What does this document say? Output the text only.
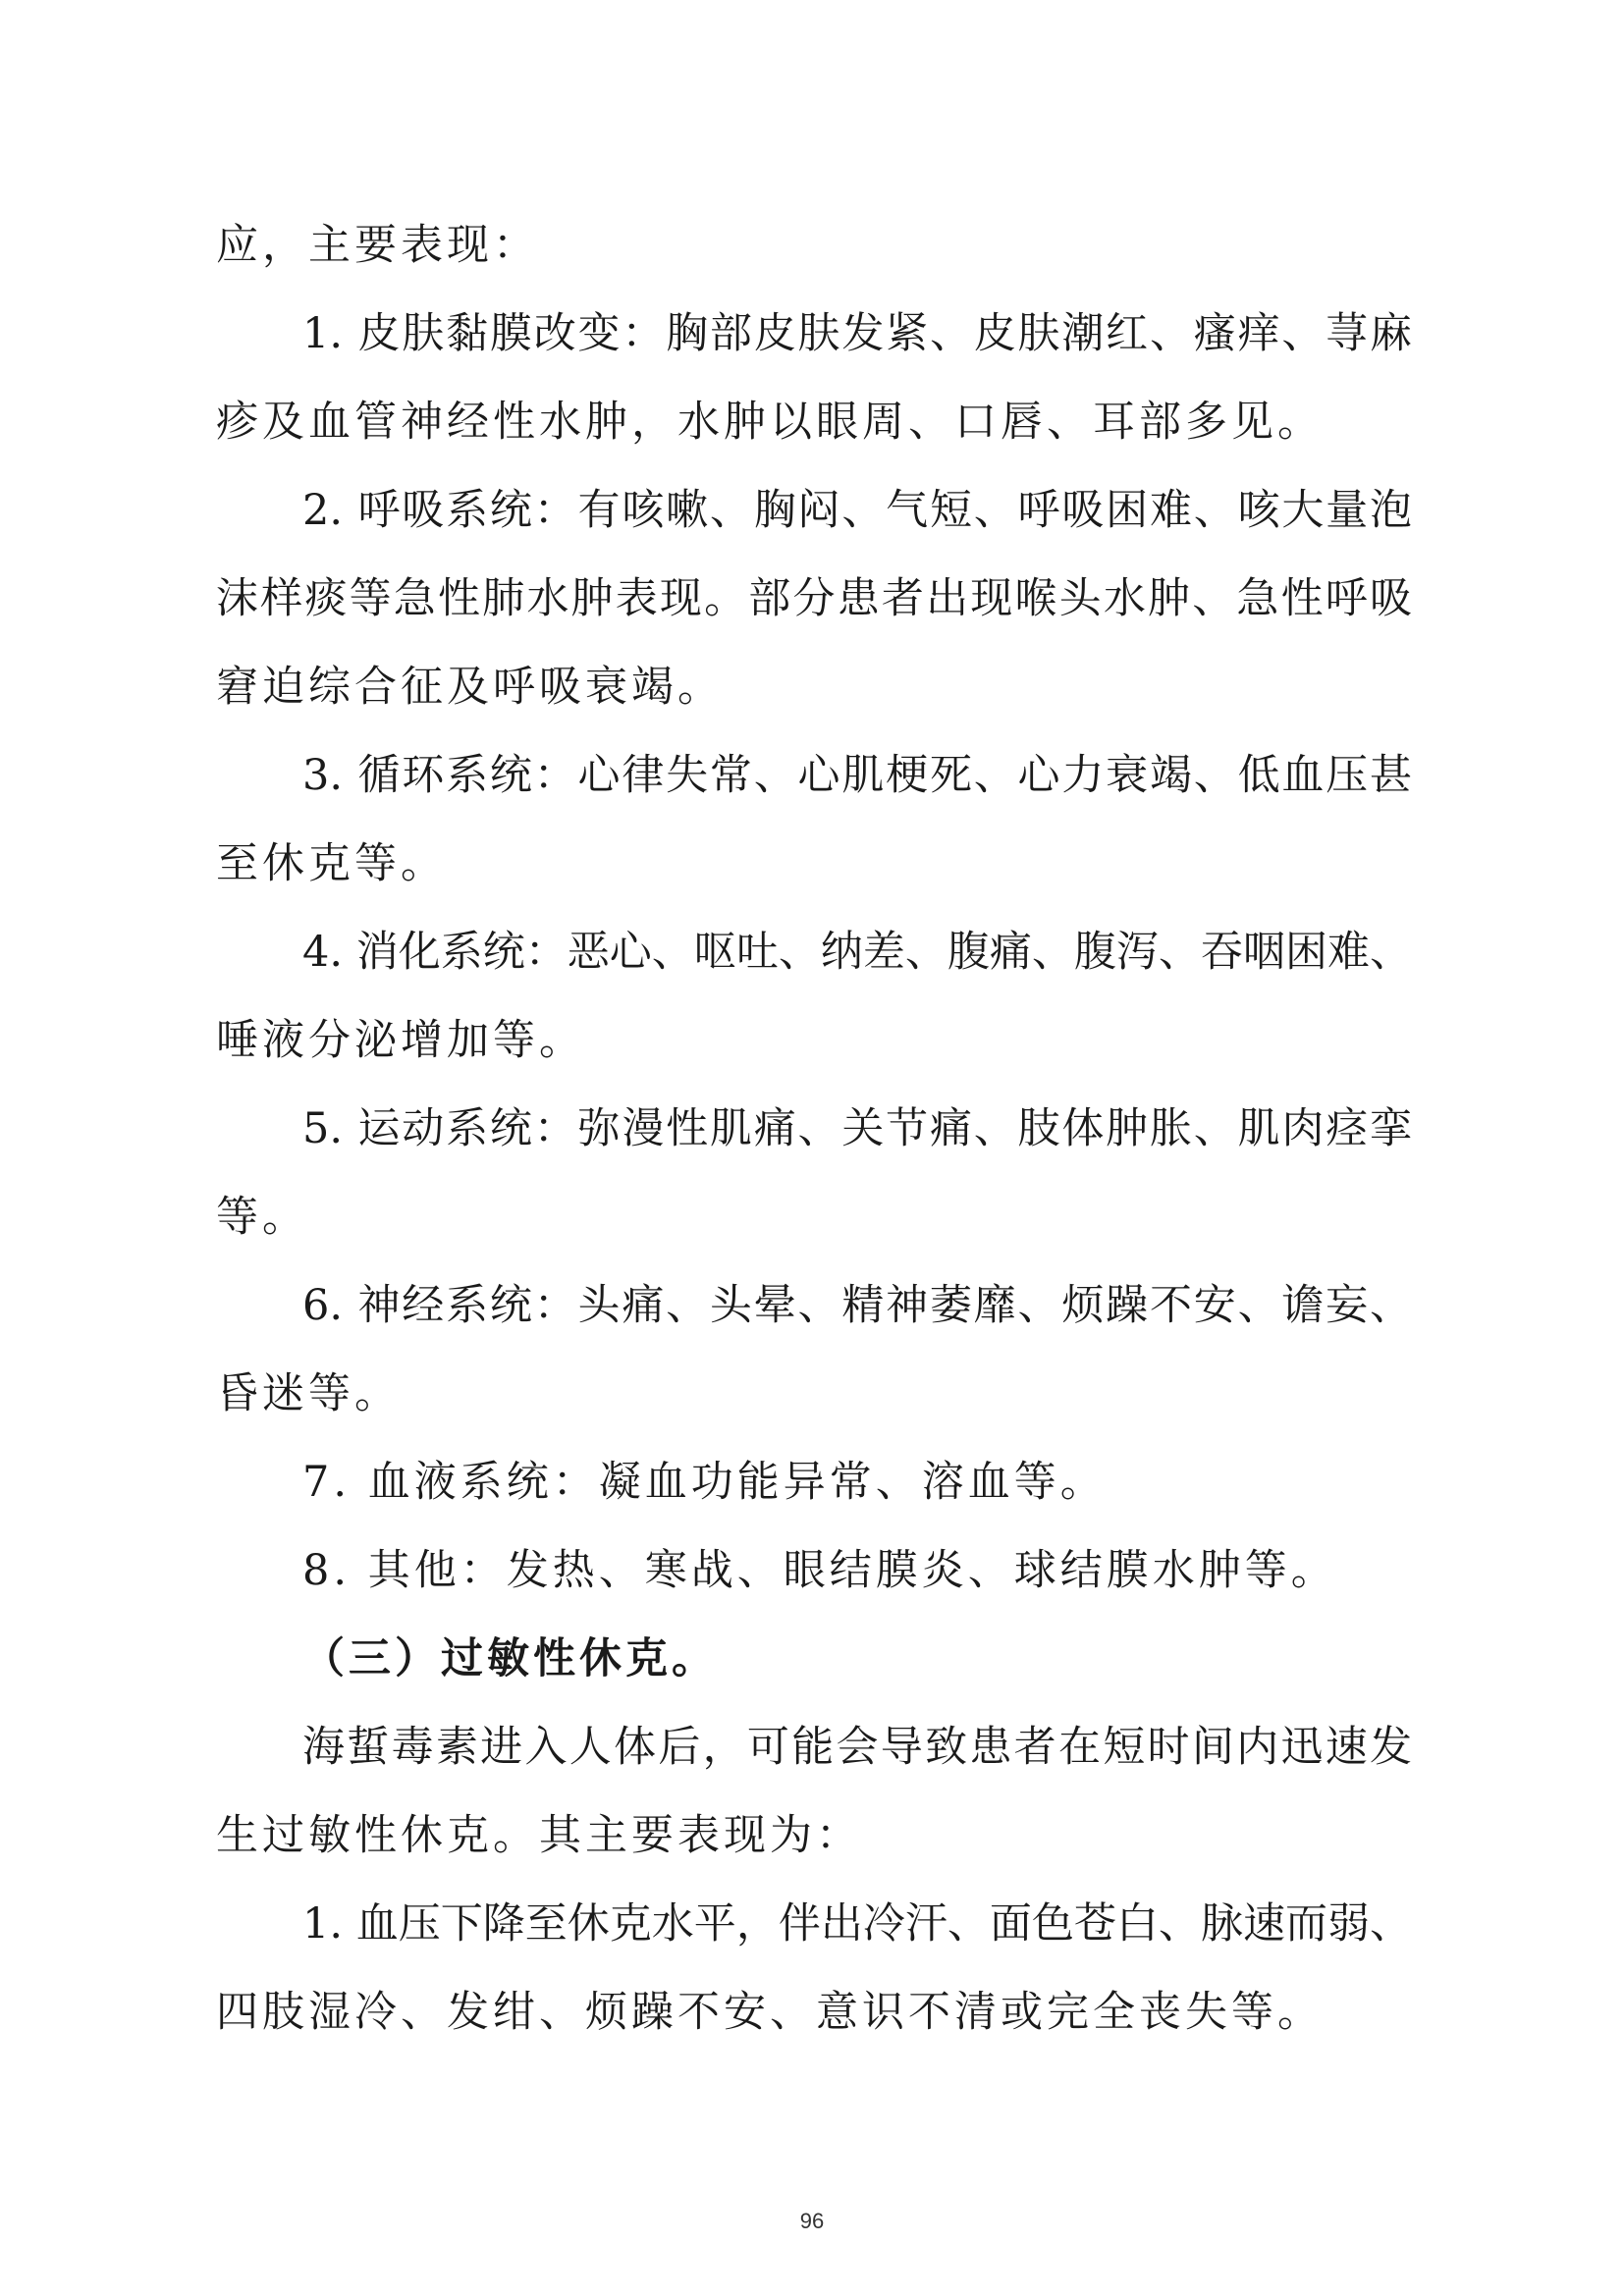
应，主要表现：
1. 皮肤黏膜改变：胸部皮肤发紧、皮肤潮红、瘙痒、荨麻
疹及血管神经性水肿，水肿以眼周、口唇、耳部多见。
2. 呼吸系统：有咳嗽、胸闷、气短、呼吸困难、咳大量泡
沫样痰等急性肺水肿表现。部分患者出现喉头水肿、急性呼吸
窘迫综合征及呼吸衰竭。
3. 循环系统：心律失常、心肌梗死、心力衰竭、低血压甚
至休克等。
4. 消化系统：恶心、呕吐、纳差、腹痛、腹泻、吞咽困难、
唾液分泌增加等。
5. 运动系统：弥漫性肌痛、关节痛、肢体肿胀、肌肉痉挛
等。
6. 神经系统：头痛、头晕、精神萎靡、烦躁不安、谵妄、
昏迷等。
7. 血液系统：凝血功能异常、溶血等。
8. 其他：发热、寒战、眼结膜炎、球结膜水肿等。
（三）过敏性休克。
海蜇毒素进入人体后，可能会导致患者在短时间内迅速发
生过敏性休克。其主要表现为：
1. 血压下降至休克水平，伴出冷汗、面色苍白、脉速而弱、
四肢湿冷、发绀、烦躁不安、意识不清或完全丧失等。
96
